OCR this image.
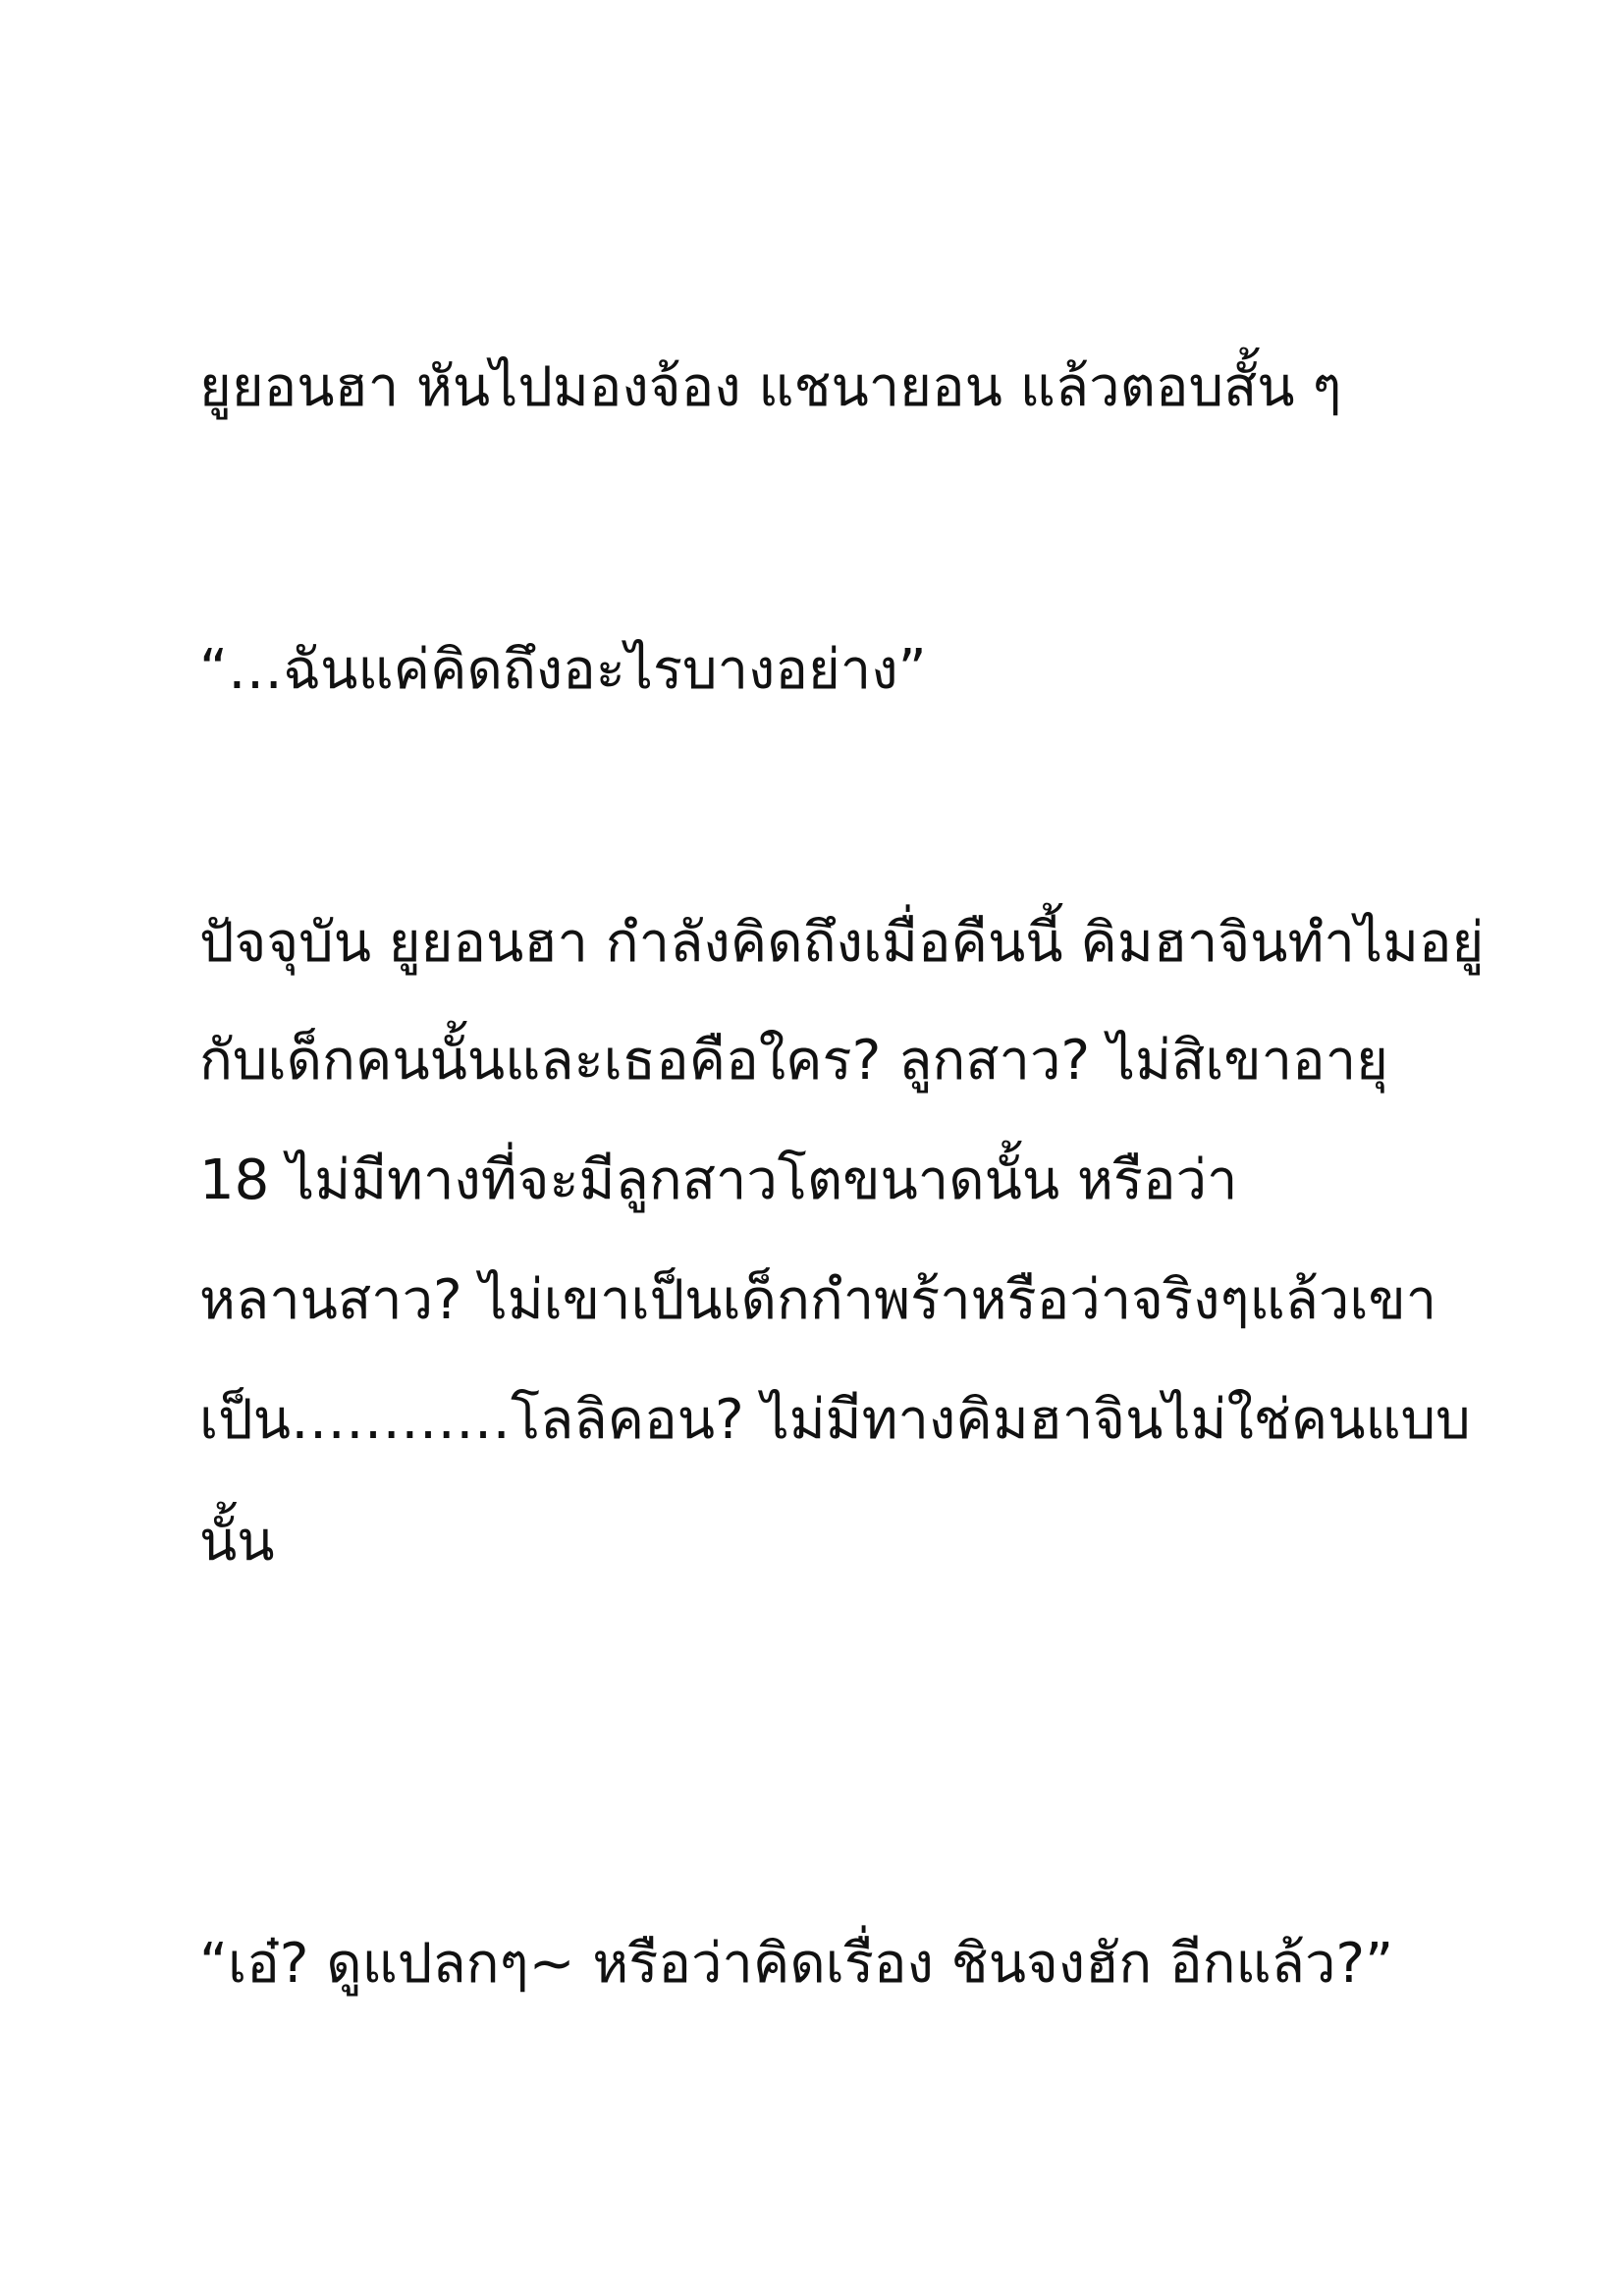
ยูยอนฮา หันไปมองจ้อง แชนายอน แล้วตอบสั้น ๆ

“…ฉันแค่คิดถึงอะไรบางอย่าง”

ปัจจุบัน ยูยอนฮา กำลังคิดถึงเมื่อคืนนี้ คิมฮาจินทำไมอยู่

กับเด็กคนนั้นและเธอคือใคร? ลูกสาว? ไม่สิเขาอายุ

18 ไม่มีทางที่จะมีลูกสาวโตขนาดนั้น หรือว่า

หลานสาว? ไม่เขาเป็นเด็กกำพร้าหรือว่าจริงๆแล้วเขา

เป็น…………โลลิคอน? ไม่มีทางคิมฮาจินไม่ใช่คนแบบ

นั้น

“เอ๋? ดูแปลกๆ~ หรือว่าคิดเรื่อง ชินจงฮัก อีกแล้ว?”
